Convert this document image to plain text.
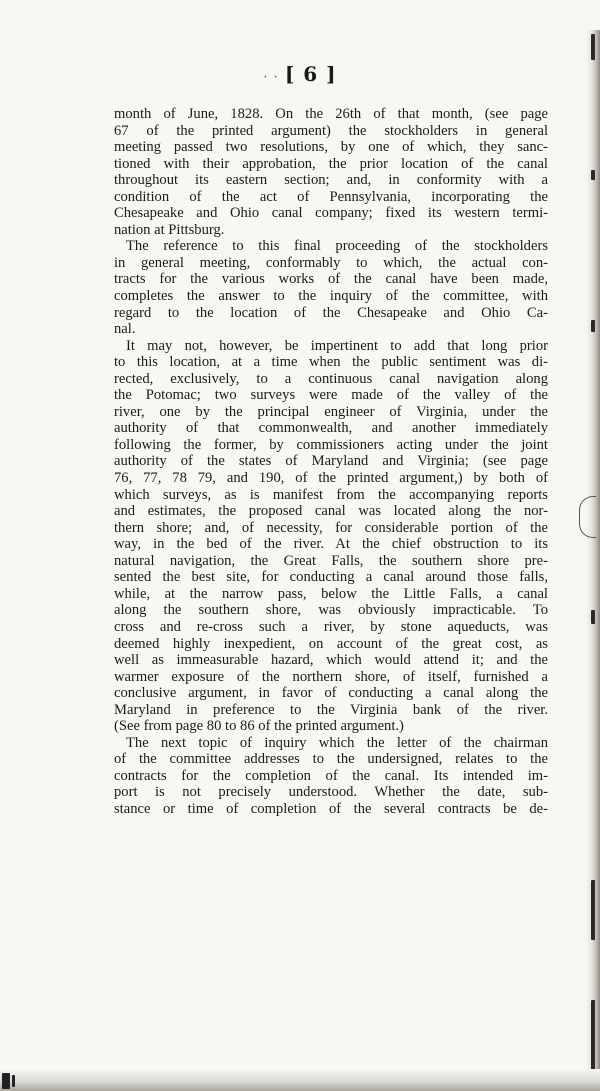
· · [ 6 ]
month of June, 1828. On the 26th of that month, (see page
67 of the printed argument) the stockholders in general
meeting passed two resolutions, by one of which, they sanc-
tioned with their approbation, the prior location of the canal
throughout its eastern section; and, in conformity with a
condition of the act of Pennsylvania, incorporating the
Chesapeake and Ohio canal company; fixed its western termi-
nation at Pittsburg.
The reference to this final proceeding of the stockholders
in general meeting, conformably to which, the actual con-
tracts for the various works of the canal have been made,
completes the answer to the inquiry of the committee, with
regard to the location of the Chesapeake and Ohio Ca-
nal.
It may not, however, be impertinent to add that long prior
to this location, at a time when the public sentiment was di-
rected, exclusively, to a continuous canal navigation along
the Potomac; two surveys were made of the valley of the
river, one by the principal engineer of Virginia, under the
authority of that commonwealth, and another immediately
following the former, by commissioners acting under the joint
authority of the states of Maryland and Virginia; (see page
76, 77, 78 79, and 190, of the printed argument,) by both of
which surveys, as is manifest from the accompanying reports
and estimates, the proposed canal was located along the nor-
thern shore; and, of necessity, for considerable portion of the
way, in the bed of the river. At the chief obstruction to its
natural navigation, the Great Falls, the southern shore pre-
sented the best site, for conducting a canal around those falls,
while, at the narrow pass, below the Little Falls, a canal
along the southern shore, was obviously impracticable. To
cross and re-cross such a river, by stone aqueducts, was
deemed highly inexpedient, on account of the great cost, as
well as immeasurable hazard, which would attend it; and the
warmer exposure of the northern shore, of itself, furnished a
conclusive argument, in favor of conducting a canal along the
Maryland in preference to the Virginia bank of the river.
(See from page 80 to 86 of the printed argument.)
The next topic of inquiry which the letter of the chairman
of the committee addresses to the undersigned, relates to the
contracts for the completion of the canal. Its intended im-
port is not precisely understood. Whether the date, sub-
stance or time of completion of the several contracts be de-
